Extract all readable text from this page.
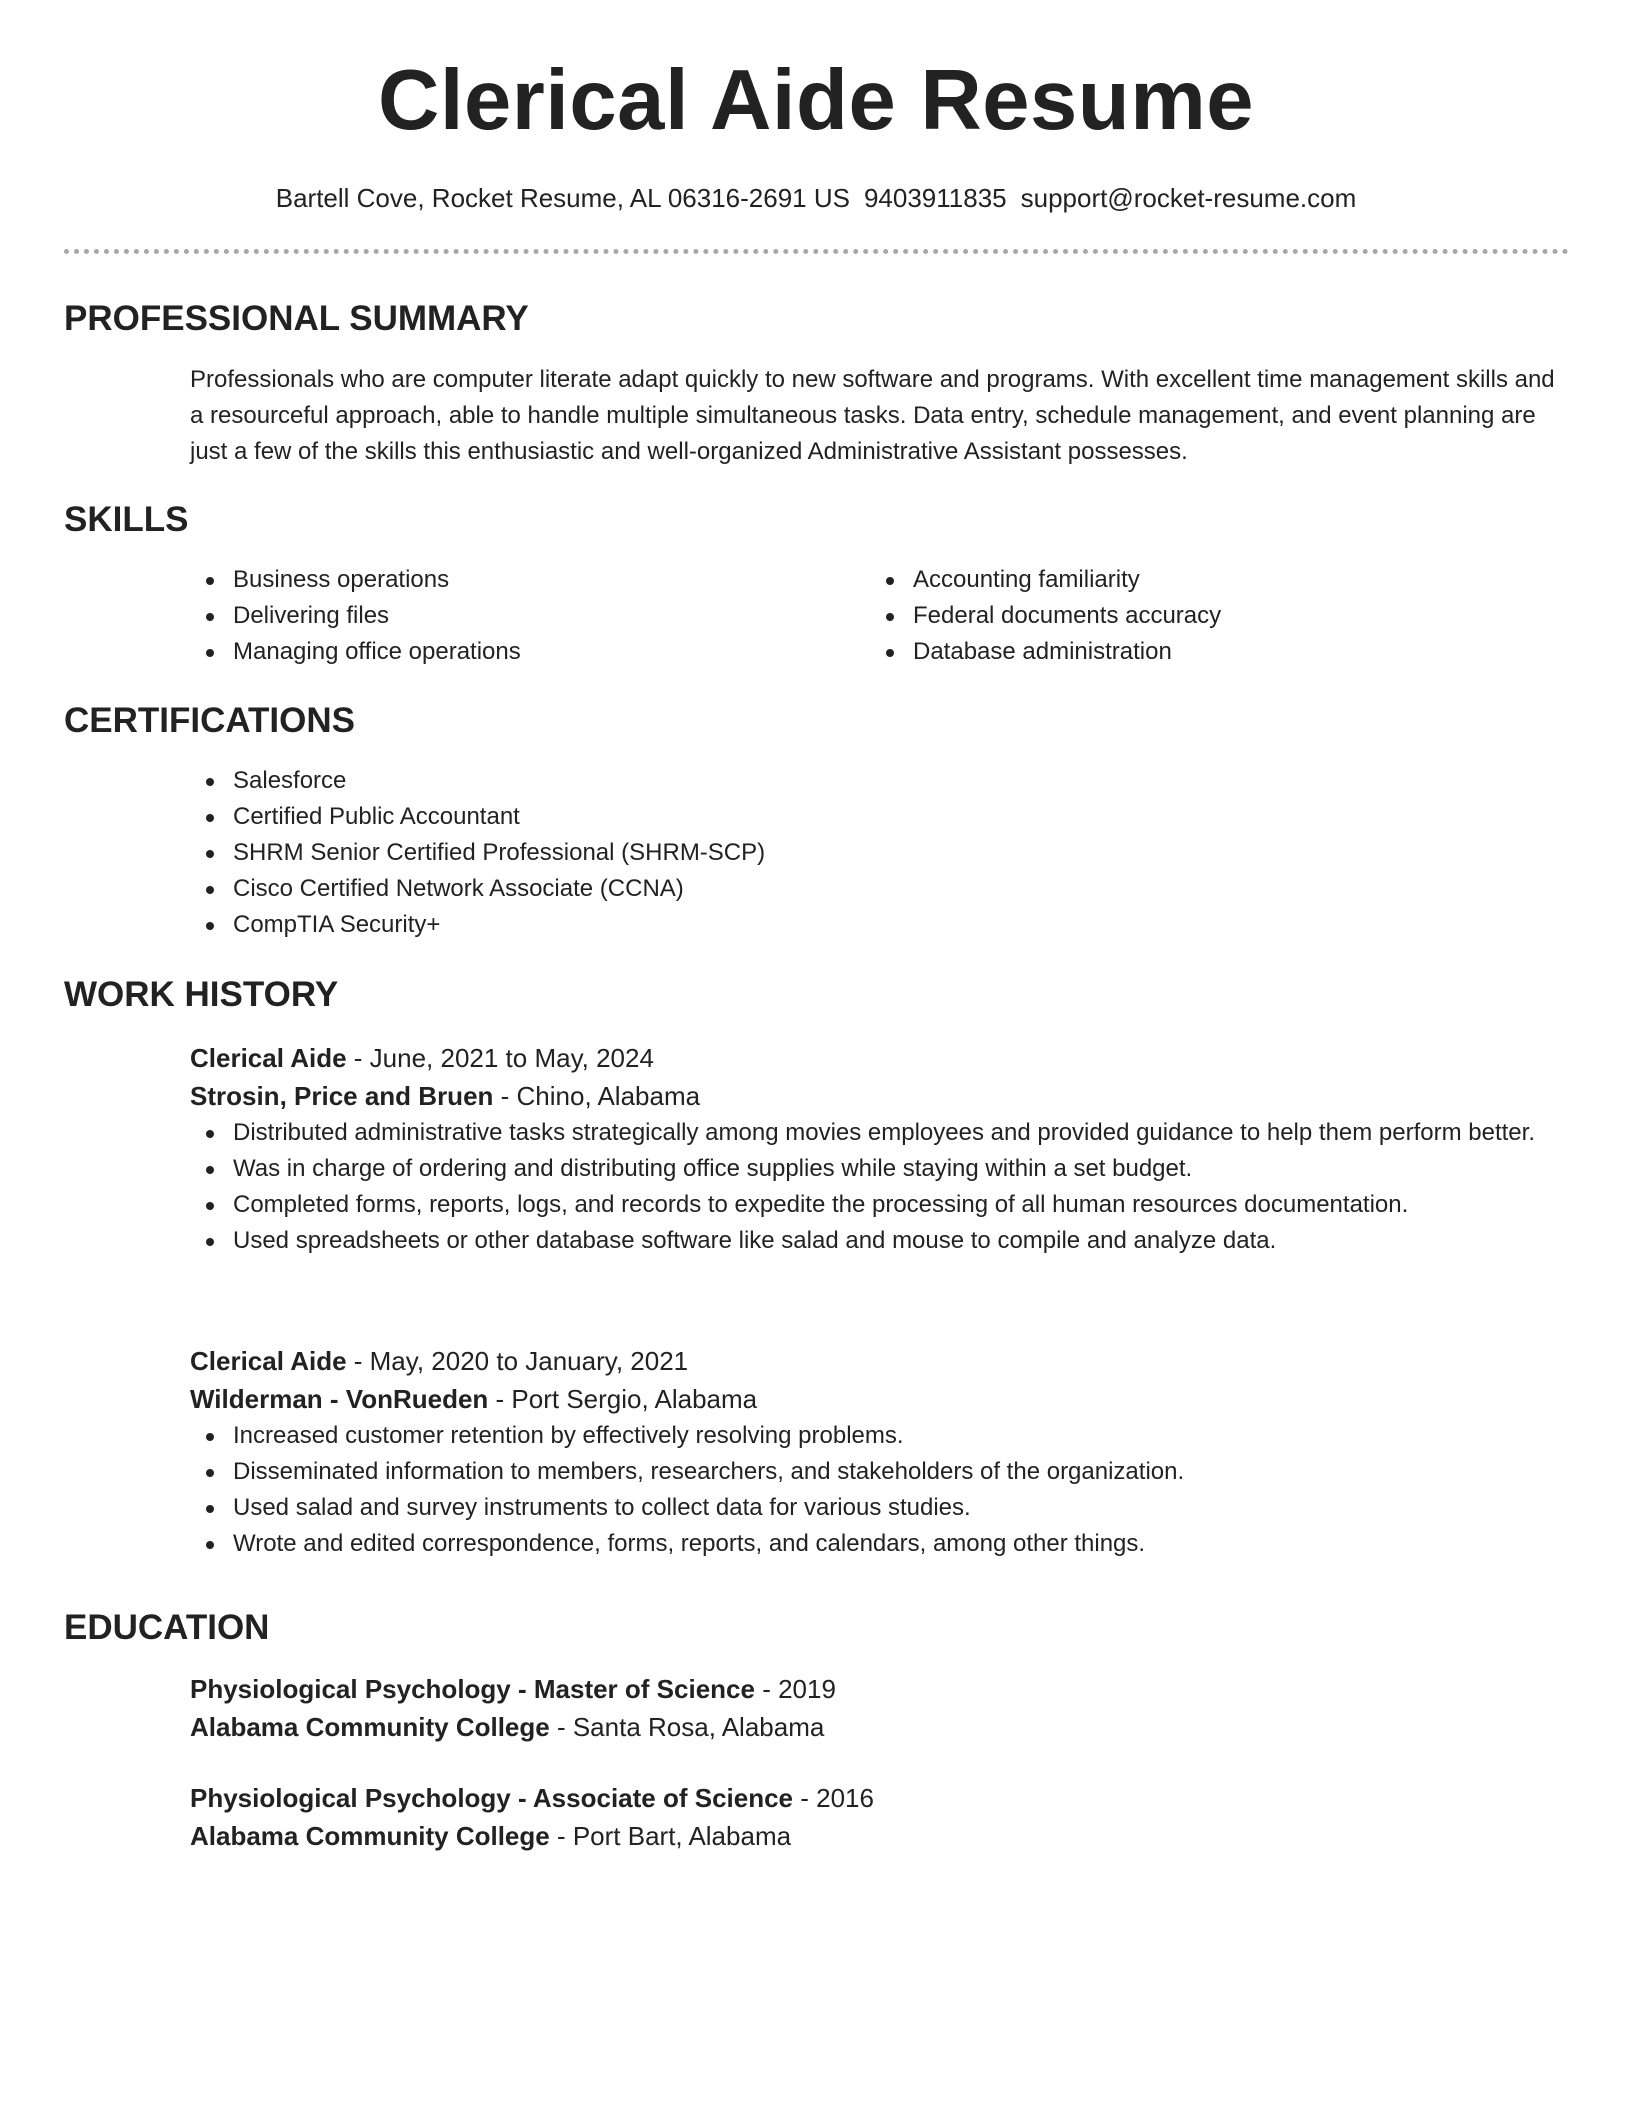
Clerical Aide Resume
Bartell Cove, Rocket Resume, AL 06316-2691 US 9403911835 support@rocket-resume.com
PROFESSIONAL SUMMARY

Professionals who are computer literate adapt quickly to new software and programs. With excellent time management skills and a resourceful approach, able to handle multiple simultaneous tasks. Data entry, schedule management, and event planning are just a few of the skills this enthusiastic and well-organized Administrative Assistant possesses.

SKILLS
Business operations
Delivering files
Managing office operations
Accounting familiarity
Federal documents accuracy
Database administration
CERTIFICATIONS
Salesforce
Certified Public Accountant
SHRM Senior Certified Professional (SHRM-SCP)
Cisco Certified Network Associate (CCNA)
CompTIA Security+
WORK HISTORY
Clerical Aide - June, 2021 to May, 2024
Strosin, Price and Bruen - Chino, Alabama
Distributed administrative tasks strategically among movies employees and provided guidance to help them perform better.
Was in charge of ordering and distributing office supplies while staying within a set budget.
Completed forms, reports, logs, and records to expedite the processing of all human resources documentation.
Used spreadsheets or other database software like salad and mouse to compile and analyze data.
Clerical Aide - May, 2020 to January, 2021
Wilderman - VonRueden - Port Sergio, Alabama
Increased customer retention by effectively resolving problems.
Disseminated information to members, researchers, and stakeholders of the organization.
Used salad and survey instruments to collect data for various studies.
Wrote and edited correspondence, forms, reports, and calendars, among other things.
EDUCATION
Physiological Psychology - Master of Science - 2019
Alabama Community College - Santa Rosa, Alabama
Physiological Psychology - Associate of Science - 2016
Alabama Community College - Port Bart, Alabama
